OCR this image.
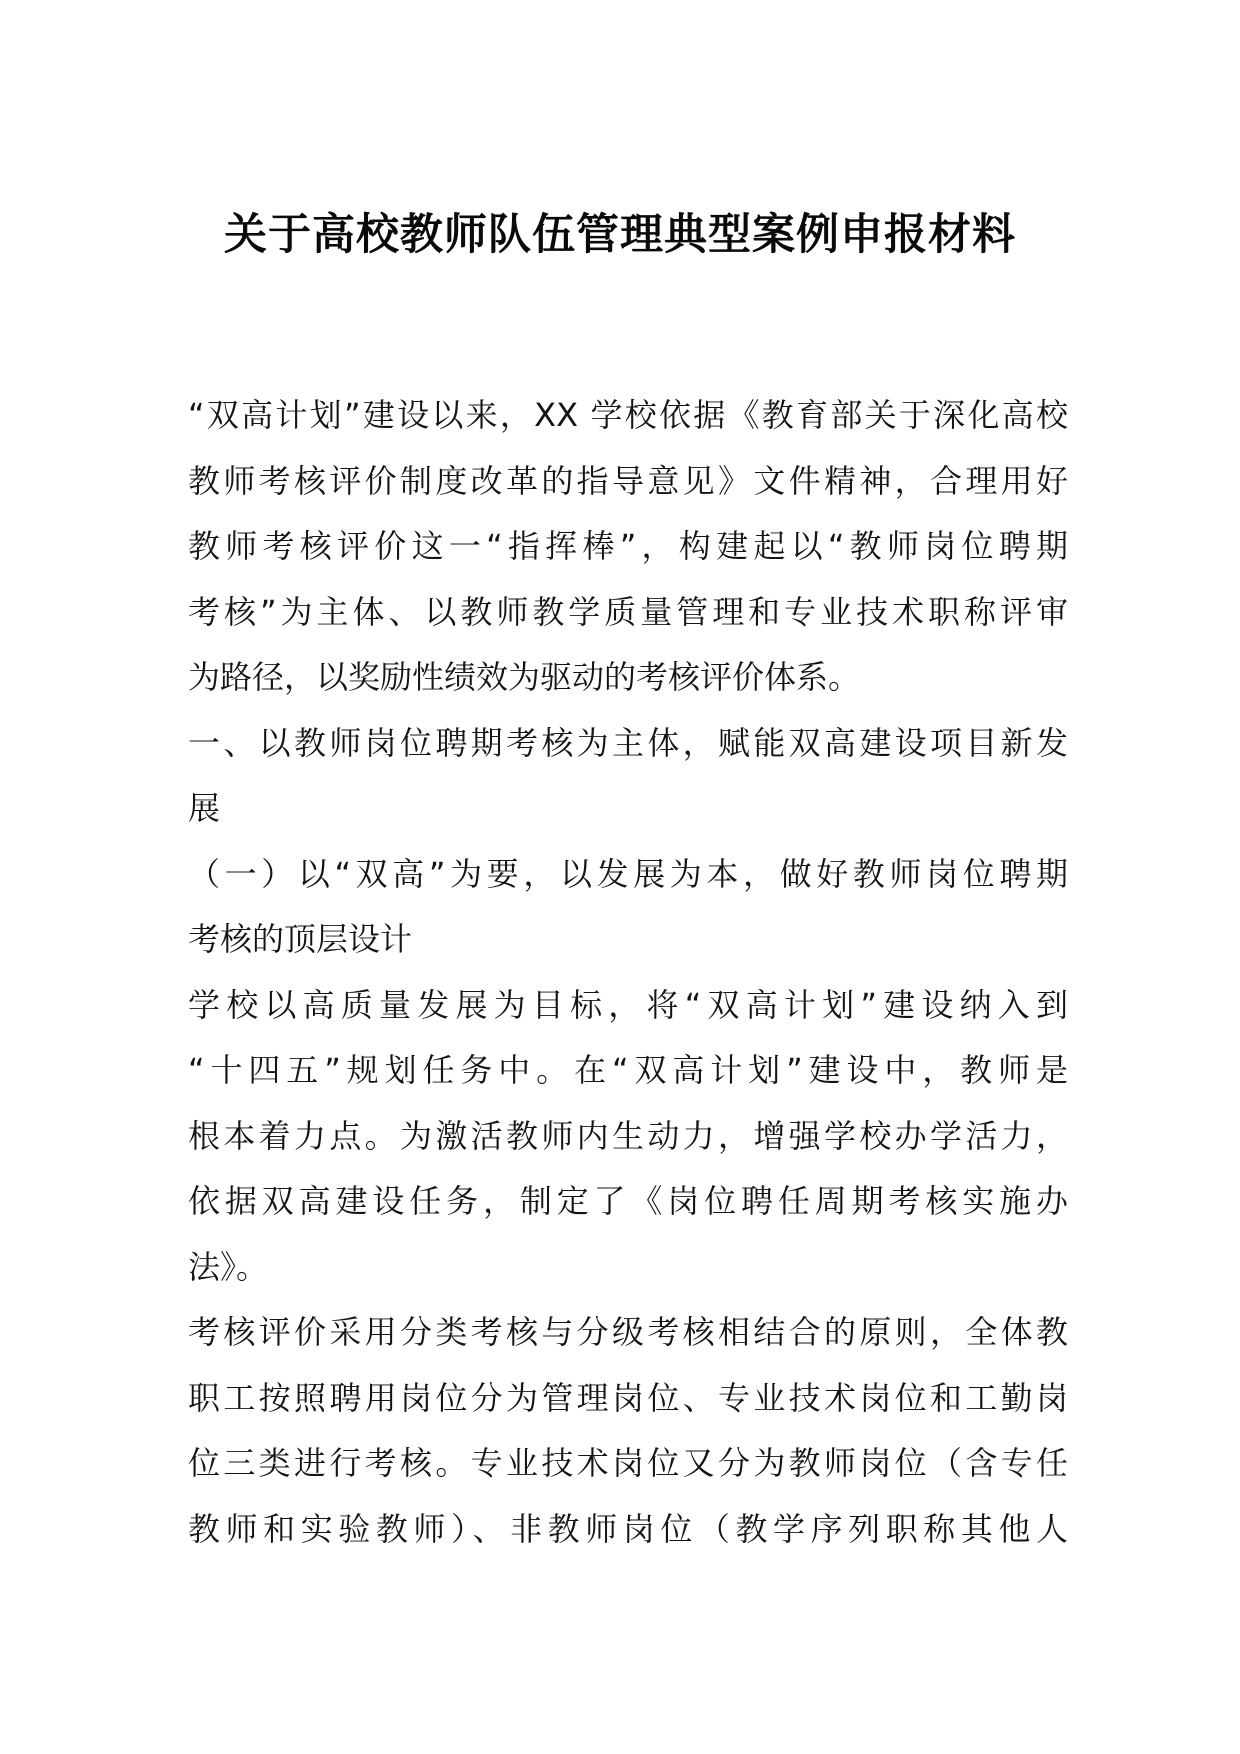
关于高校教师队伍管理典型案例申报材料
“双高计划”建设以来，XX 学校依据《教育部关于深化高校
教师考核评价制度改革的指导意见》文件精神，合理用好
教师考核评价这一“指挥棒”，构建起以“教师岗位聘期
考核”为主体、以教师教学质量管理和专业技术职称评审
为路径，以奖励性绩效为驱动的考核评价体系。
一、以教师岗位聘期考核为主体，赋能双高建设项目新发
展
（一）以“双高”为要，以发展为本，做好教师岗位聘期
考核的顶层设计
学校以高质量发展为目标，将“双高计划”建设纳入到
“十四五”规划任务中。在“双高计划”建设中，教师是
根本着力点。为激活教师内生动力，增强学校办学活力，
依据双高建设任务，制定了《岗位聘任周期考核实施办
法》。
考核评价采用分类考核与分级考核相结合的原则，全体教
职工按照聘用岗位分为管理岗位、专业技术岗位和工勤岗
位三类进行考核。专业技术岗位又分为教师岗位（含专任
教师和实验教师）、非教师岗位（教学序列职称其他人
